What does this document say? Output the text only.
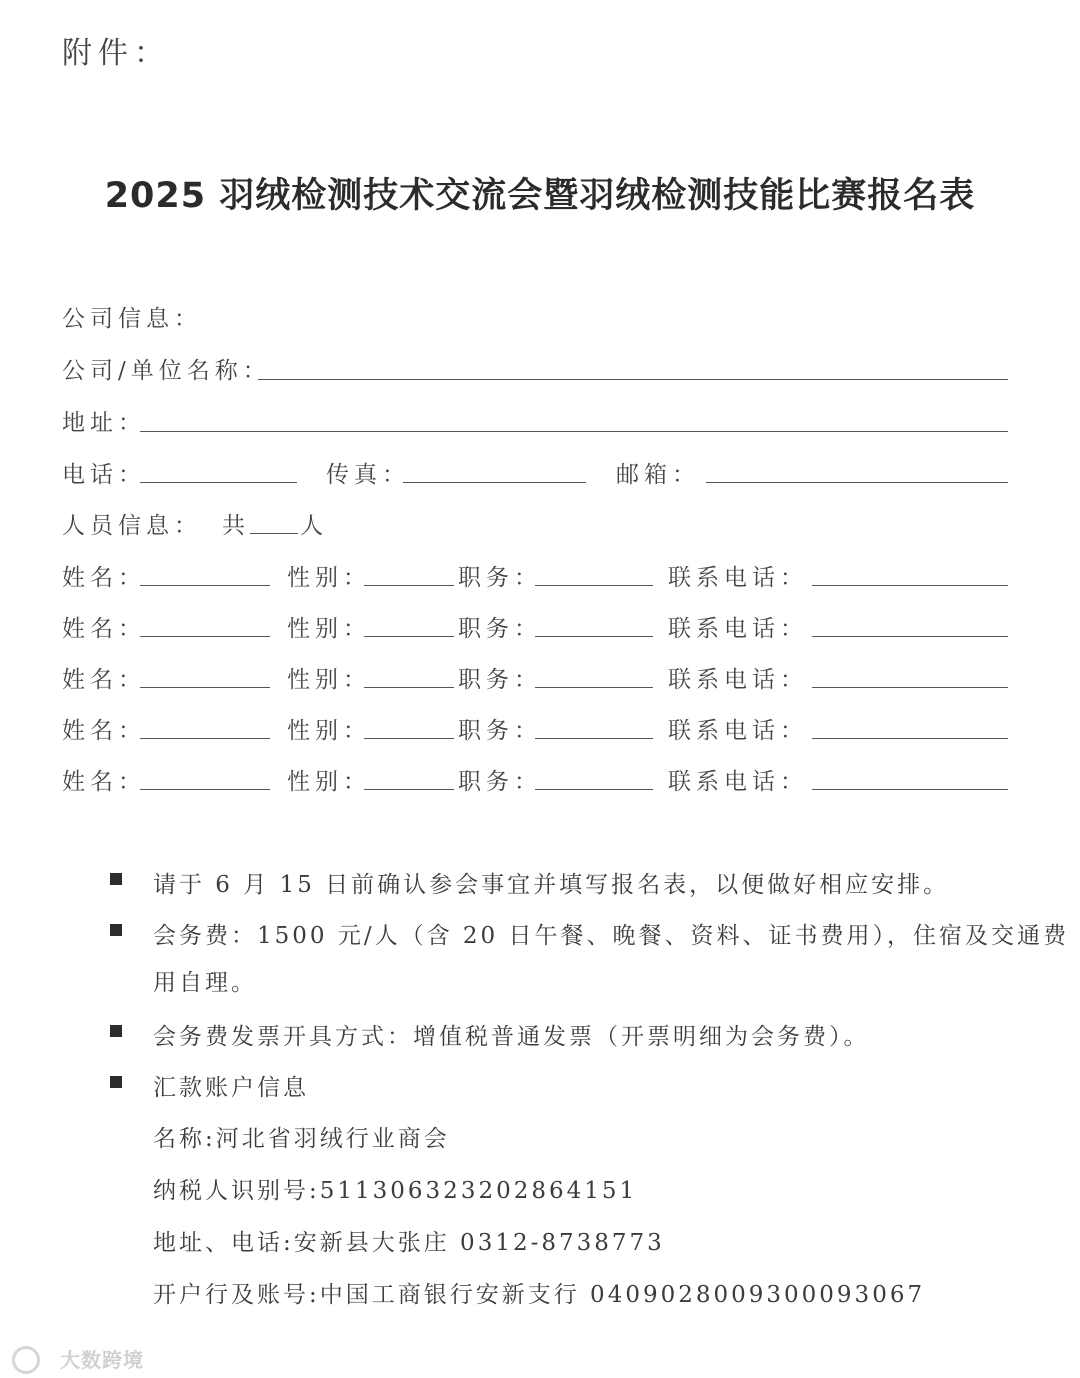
附件：
2025 羽绒检测技术交流会暨羽绒检测技能比赛报名表
公司信息：
公司/单位名称：
地址：
电话：	传真：	邮箱：
人员信息： 共 人
姓名：	性别：	职务：	联系电话：
姓名：	性别：	职务：	联系电话：
姓名：	性别：	职务：	联系电话：
姓名：	性别：	职务：	联系电话：
姓名：	性别：	职务：	联系电话：
请于 6 月 15 日前确认参会事宜并填写报名表，以便做好相应安排。
会务费：1500 元/人（含 20 日午餐、晚餐、资料、证书费用），住宿及交通费
用自理。
会务费发票开具方式：增值税普通发票（开票明细为会务费）。
汇款账户信息
名称:河北省羽绒行业商会
纳税人识别号:511306323202864151
地址、电话:安新县大张庄 0312-8738773
开户行及账号:中国工商银行安新支行 0409028009300093067
大数跨境
